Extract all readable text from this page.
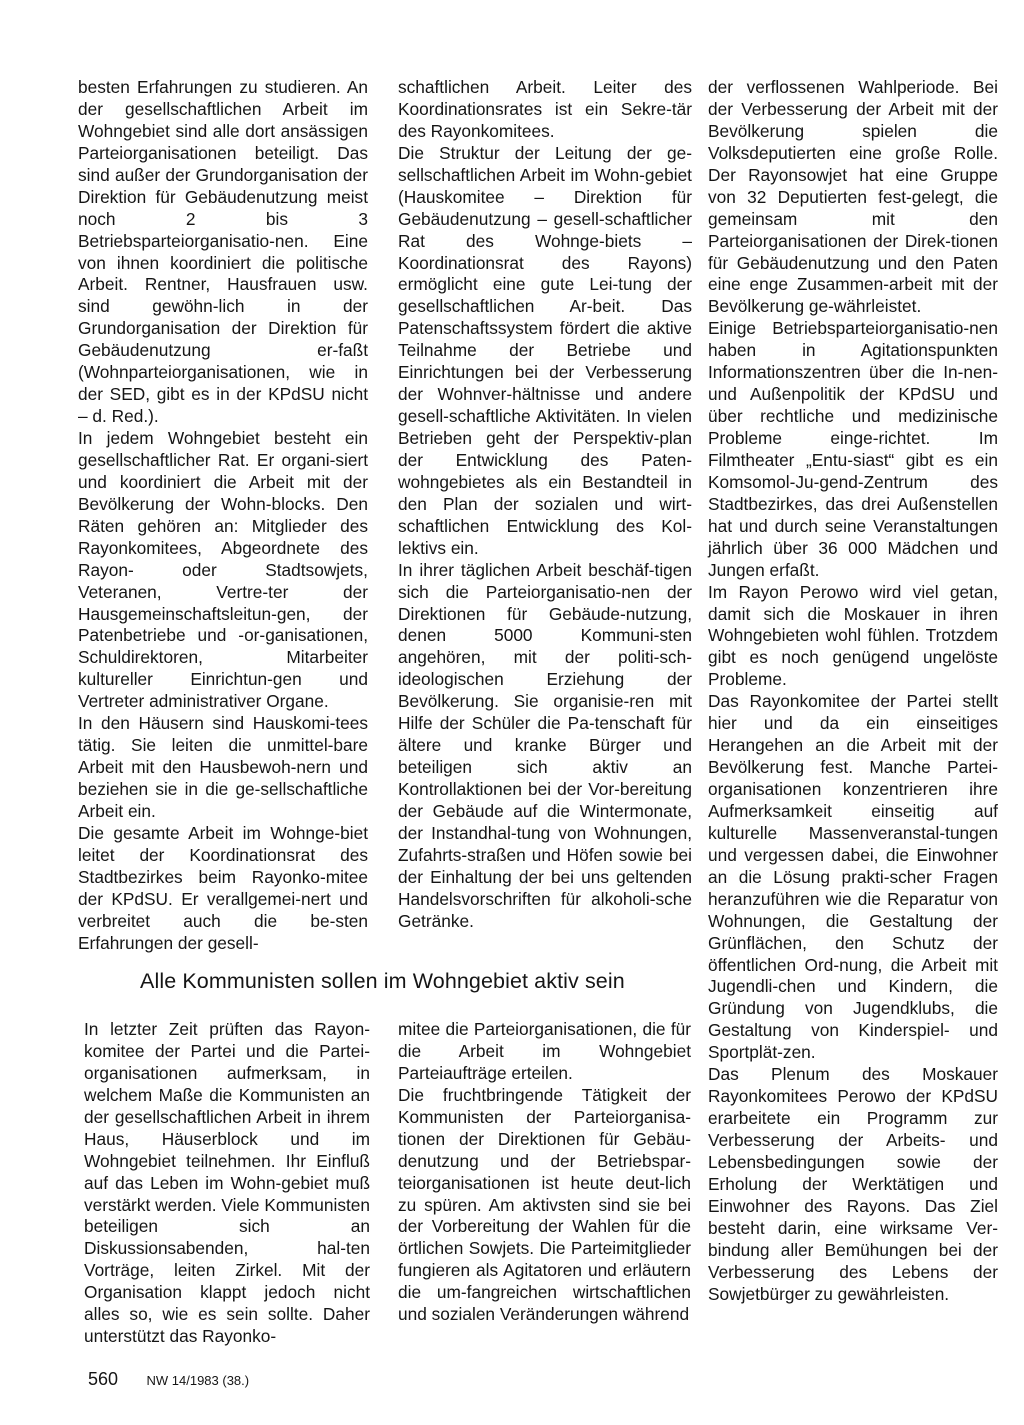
besten Erfahrungen zu studieren. An der gesellschaftlichen Arbeit im Wohngebiet sind alle dort ansässigen Parteiorganisationen beteiligt. Das sind außer der Grundorganisation der Direktion für Gebäudenutzung meist noch 2 bis 3 Betriebsparteiorganisatio-nen. Eine von ihnen koordiniert die politische Arbeit. Rentner, Hausfrauen usw. sind gewöhn-lich in der Grundorganisation der Direktion für Gebäudenutzung er-faßt (Wohnparteiorganisationen, wie in der SED, gibt es in der KPdSU nicht – d. Red.).

In jedem Wohngebiet besteht ein gesellschaftlicher Rat. Er organi-siert und koordiniert die Arbeit mit der Bevölkerung der Wohn-blocks. Den Räten gehören an: Mitglieder des Rayonkomitees, Abgeordnete des Rayon- oder Stadtsowjets, Veteranen, Vertre-ter der Hausgemeinschaftsleitun-gen, der Patenbetriebe und -or-ganisationen, Schuldirektoren, Mitarbeiter kultureller Einrichtun-gen und Vertreter administrativer Organe.

In den Häusern sind Hauskomi-tees tätig. Sie leiten die unmittel-bare Arbeit mit den Hausbewoh-nern und beziehen sie in die ge-sellschaftliche Arbeit ein.

Die gesamte Arbeit im Wohnge-biet leitet der Koordinationsrat des Stadtbezirkes beim Rayonko-mitee der KPdSU. Er verallgemei-nert und verbreitet auch die be-sten Erfahrungen der gesell-

schaftlichen Arbeit. Leiter des Koordinationsrates ist ein Sekre-tär des Rayonkomitees.

Die Struktur der Leitung der ge-sellschaftlichen Arbeit im Wohn-gebiet (Hauskomitee – Direktion für Gebäudenutzung – gesell-schaftlicher Rat des Wohnge-biets – Koordinationsrat des Rayons) ermöglicht eine gute Lei-tung der gesellschaftlichen Ar-beit. Das Patenschaftssystem fördert die aktive Teilnahme der Betriebe und Einrichtungen bei der Verbesserung der Wohnver-hältnisse und andere gesell-schaftliche Aktivitäten. In vielen Betrieben geht der Perspektiv-plan der Entwicklung des Paten-wohngebietes als ein Bestandteil in den Plan der sozialen und wirt-schaftlichen Entwicklung des Kol-lektivs ein.

In ihrer täglichen Arbeit beschäf-tigen sich die Parteiorganisatio-nen der Direktionen für Gebäude-nutzung, denen 5000 Kommuni-sten angehören, mit der politi-sch-ideologischen Erziehung der Bevölkerung. Sie organisie-ren mit Hilfe der Schüler die Pa-tenschaft für ältere und kranke Bürger und beteiligen sich aktiv an Kontrollaktionen bei der Vor-bereitung der Gebäude auf die Wintermonate, der Instandhal-tung von Wohnungen, Zufahrts-straßen und Höfen sowie bei der Einhaltung der bei uns geltenden Handelsvorschriften für alkoholi-sche Getränke.

der verflossenen Wahlperiode. Bei der Verbesserung der Arbeit mit der Bevölkerung spielen die Volksdeputierten eine große Rolle. Der Rayonsowjet hat eine Gruppe von 32 Deputierten fest-gelegt, die gemeinsam mit den Parteiorganisationen der Direk-tionen für Gebäudenutzung und den Paten eine enge Zusammen-arbeit mit der Bevölkerung ge-währleistet.

Einige Betriebsparteiorganisatio-nen haben in Agitationspunkten Informationszentren über die In-nen- und Außenpolitik der KPdSU und über rechtliche und medizinische Probleme einge-richtet. Im Filmtheater „Entu-siast“ gibt es ein Komsomol-Ju-gend-Zentrum des Stadtbezirkes, das drei Außenstellen hat und durch seine Veranstaltungen jährlich über 36 000 Mädchen und Jungen erfaßt.

Im Rayon Perowo wird viel getan, damit sich die Moskauer in ihren Wohngebieten wohl fühlen. Trotzdem gibt es noch genügend ungelöste Probleme.

Das Rayonkomitee der Partei stellt hier und da ein einseitiges Herangehen an die Arbeit mit der Bevölkerung fest. Manche Partei-organisationen konzentrieren ihre Aufmerksamkeit einseitig auf kulturelle Massenveranstal-tungen und vergessen dabei, die Einwohner an die Lösung prakti-scher Fragen heranzuführen wie die Reparatur von Wohnungen, die Gestaltung der Grünflächen, den Schutz der öffentlichen Ord-nung, die Arbeit mit Jugendli-chen und Kindern, die Gründung von Jugendklubs, die Gestaltung von Kinderspiel- und Sportplät-zen.

Das Plenum des Moskauer Rayonkomitees Perowo der KPdSU erarbeitete ein Programm zur Verbesserung der Arbeits- und Lebensbedingungen sowie der Erholung der Werktätigen und Einwohner des Rayons. Das Ziel besteht darin, eine wirksame Ver-bindung aller Bemühungen bei der Verbesserung des Lebens der Sowjetbürger zu gewährleisten.

Alle Kommunisten sollen im Wohngebiet aktiv sein

In letzter Zeit prüften das Rayon-komitee der Partei und die Partei-organisationen aufmerksam, in welchem Maße die Kommunisten an der gesellschaftlichen Arbeit in ihrem Haus, Häuserblock und im Wohngebiet teilnehmen. Ihr Einfluß auf das Leben im Wohn-gebiet muß verstärkt werden. Viele Kommunisten beteiligen sich an Diskussionsabenden, hal-ten Vorträge, leiten Zirkel. Mit der Organisation klappt jedoch nicht alles so, wie es sein sollte. Daher unterstützt das Rayonko-

mitee die Parteiorganisationen, die für die Arbeit im Wohngebiet Parteiaufträge erteilen.

Die fruchtbringende Tätigkeit der Kommunisten der Parteiorganisa-tionen der Direktionen für Gebäu-denutzung und der Betriebspar-teiorganisationen ist heute deut-lich zu spüren. Am aktivsten sind sie bei der Vorbereitung der Wahlen für die örtlichen Sowjets. Die Parteimitglieder fungieren als Agitatoren und erläutern die um-fangreichen wirtschaftlichen und sozialen Veränderungen während

560 NW 14/1983 (38.)
